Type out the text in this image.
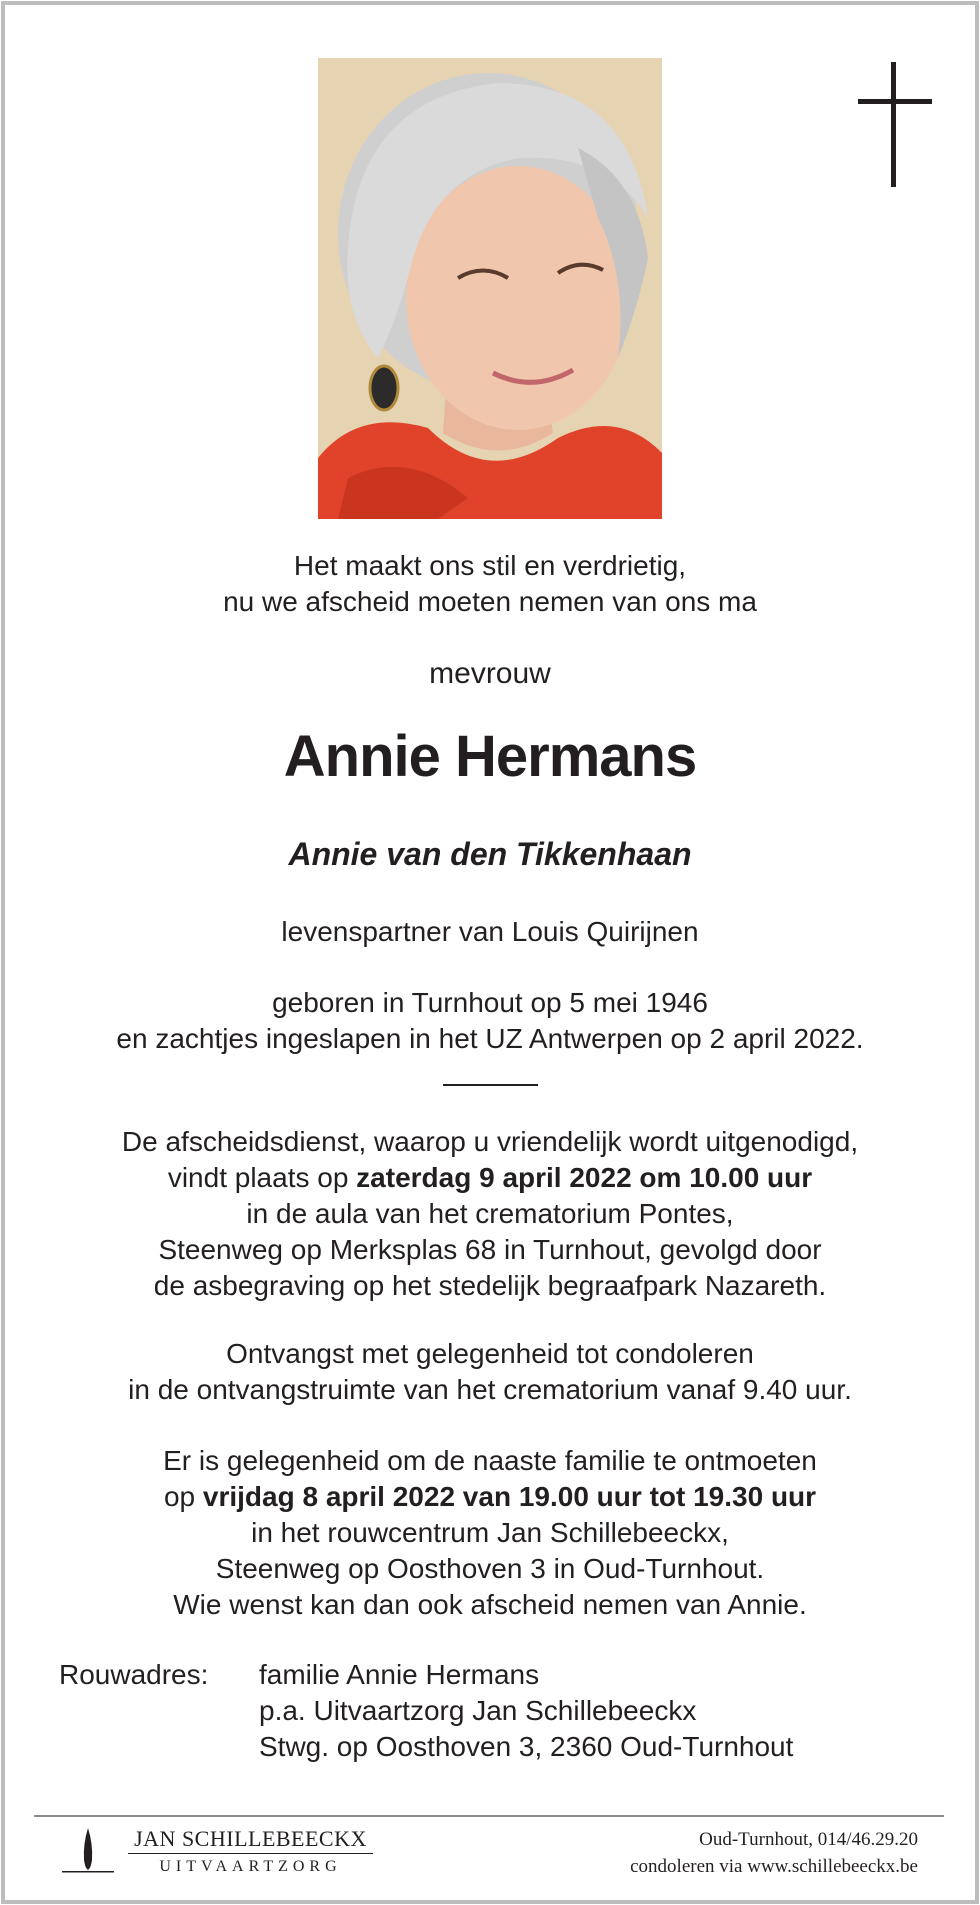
Het maakt ons stil en verdrietig,
nu we afscheid moeten nemen van ons ma
mevrouw
Annie Hermans
Annie van den Tikkenhaan
levenspartner van Louis Quirijnen
geboren in Turnhout op 5 mei 1946
en zachtjes ingeslapen in het UZ Antwerpen op 2 april 2022.
De afscheidsdienst, waarop u vriendelijk wordt uitgenodigd,
vindt plaats op zaterdag 9 april 2022 om 10.00 uur
in de aula van het crematorium Pontes,
Steenweg op Merksplas 68 in Turnhout, gevolgd door
de asbegraving op het stedelijk begraafpark Nazareth.
Ontvangst met gelegenheid tot condoleren
in de ontvangstruimte van het crematorium vanaf 9.40 uur.
Er is gelegenheid om de naaste familie te ontmoeten
op vrijdag 8 april 2022 van 19.00 uur tot 19.30 uur
in het rouwcentrum Jan Schillebeeckx,
Steenweg op Oosthoven 3 in Oud-Turnhout.
Wie wenst kan dan ook afscheid nemen van Annie.
Rouwadres: familie Annie Hermans
p.a. Uitvaartzorg Jan Schillebeeckx
Stwg. op Oosthoven 3, 2360 Oud-Turnhout
JAN SCHILLEBEECKX
UITVAARTZORG
Oud-Turnhout, 014/46.29.20
condoleren via www.schillebeeckx.be
